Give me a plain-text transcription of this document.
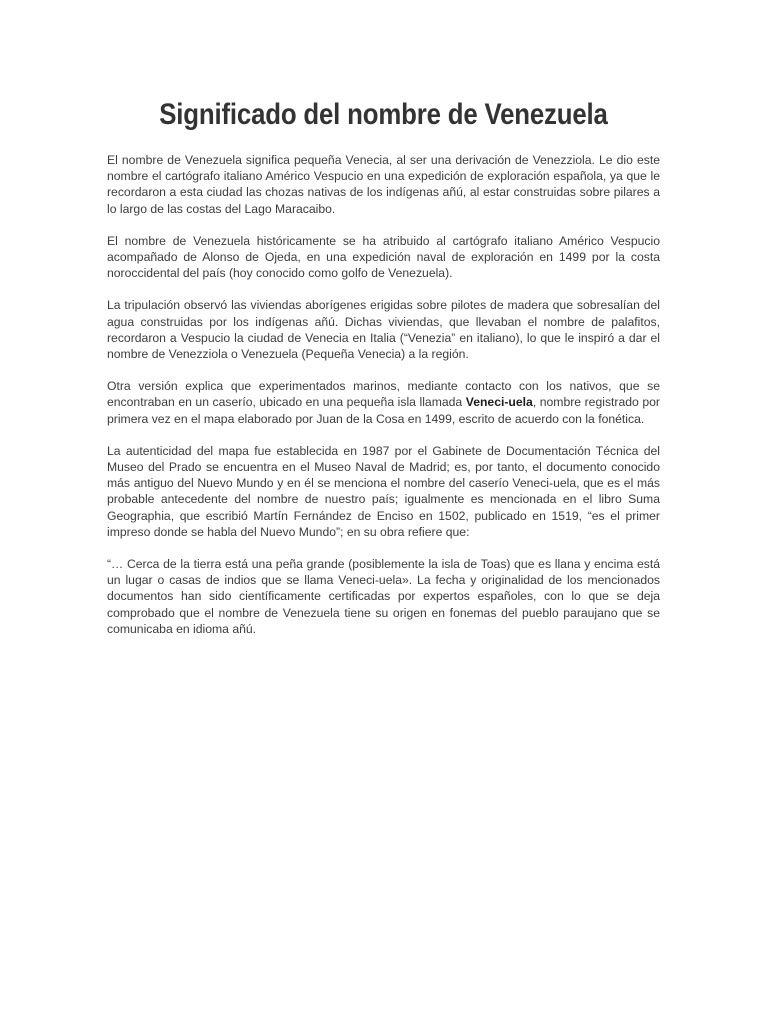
Significado del nombre de Venezuela

El nombre de Venezuela significa pequeña Venecia, al ser una derivación de Venezziola. Le dio este nombre el cartógrafo italiano Américo Vespucio en una expedición de exploración española, ya que le recordaron a esta ciudad las chozas nativas de los indígenas añú, al estar construidas sobre pilares a lo largo de las costas del Lago Maracaibo.

El nombre de Venezuela históricamente se ha atribuido al cartógrafo italiano Américo Vespucio acompañado de Alonso de Ojeda, en una expedición naval de exploración en 1499 por la costa noroccidental del país (hoy conocido como golfo de Venezuela).

La tripulación observó las viviendas aborígenes erigidas sobre pilotes de madera que sobresalían del agua construidas por los indígenas añú. Dichas viviendas, que llevaban el nombre de palafitos, recordaron a Vespucio la ciudad de Venecia en Italia (“Venezia” en italiano), lo que le inspiró a dar el nombre de Venezziola o Venezuela (Pequeña Venecia) a la región.

Otra versión explica que experimentados marinos, mediante contacto con los nativos, que se encontraban en un caserío, ubicado en una pequeña isla llamada Veneci-uela, nombre registrado por primera vez en el mapa elaborado por Juan de la Cosa en 1499, escrito de acuerdo con la fonética.

La autenticidad del mapa fue establecida en 1987 por el Gabinete de Documentación Técnica del Museo del Prado se encuentra en el Museo Naval de Madrid; es, por tanto, el documento conocido más antiguo del Nuevo Mundo y en él se menciona el nombre del caserío Veneci-uela, que es el más probable antecedente del nombre de nuestro país; igualmente es mencionada en el libro Suma Geographia, que escribió Martín Fernández de Enciso en 1502, publicado en 1519, “es el primer impreso donde se habla del Nuevo Mundo”; en su obra refiere que:

“… Cerca de la tierra está una peña grande (posiblemente la isla de Toas) que es llana y encima está un lugar o casas de indios que se llama Veneci-uela». La fecha y originalidad de los mencionados documentos han sido científicamente certificadas por expertos españoles, con lo que se deja comprobado que el nombre de Venezuela tiene su origen en fonemas del pueblo paraujano que se comunicaba en idioma añú.
